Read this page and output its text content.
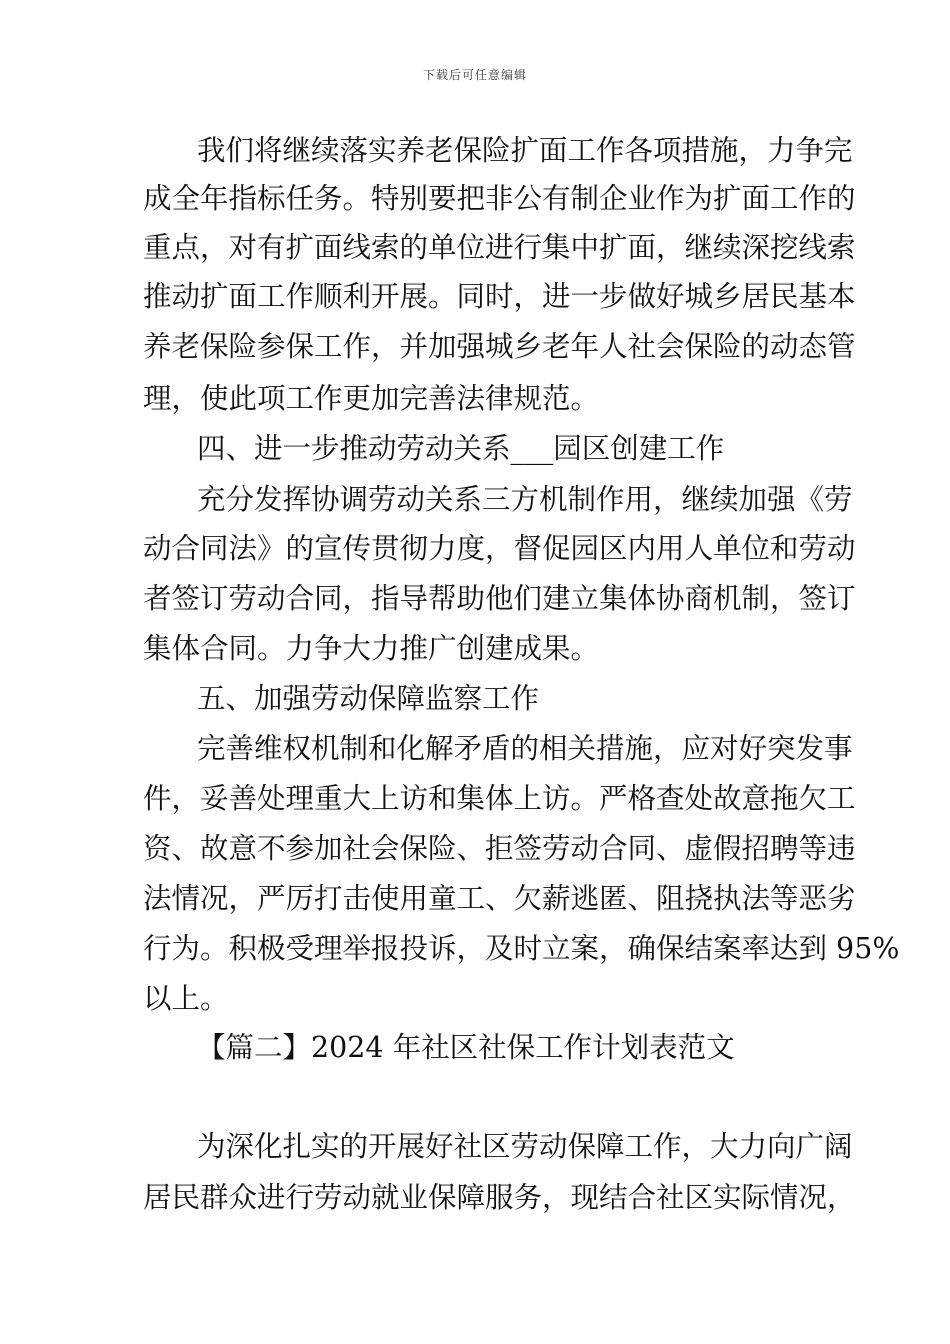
下载后可任意编辑
我们将继续落实养老保险扩面工作各项措施，力争完
成全年指标任务。特别要把非公有制企业作为扩面工作的
重点，对有扩面线索的单位进行集中扩面，继续深挖线索
推动扩面工作顺利开展。同时，进一步做好城乡居民基本
养老保险参保工作，并加强城乡老年人社会保险的动态管
理，使此项工作更加完善法律规范。
四、进一步推动劳动关系___园区创建工作
充分发挥协调劳动关系三方机制作用，继续加强《劳
动合同法》的宣传贯彻力度，督促园区内用人单位和劳动
者签订劳动合同，指导帮助他们建立集体协商机制，签订
集体合同。力争大力推广创建成果。
五、加强劳动保障监察工作
完善维权机制和化解矛盾的相关措施，应对好突发事
件，妥善处理重大上访和集体上访。严格查处故意拖欠工
资、故意不参加社会保险、拒签劳动合同、虚假招聘等违
法情况，严厉打击使用童工、欠薪逃匿、阻挠执法等恶劣
行为。积极受理举报投诉，及时立案，确保结案率达到 95%
以上。
【篇二】2024 年社区社保工作计划表范文
为深化扎实的开展好社区劳动保障工作，大力向广阔
居民群众进行劳动就业保障服务，现结合社区实际情况，
